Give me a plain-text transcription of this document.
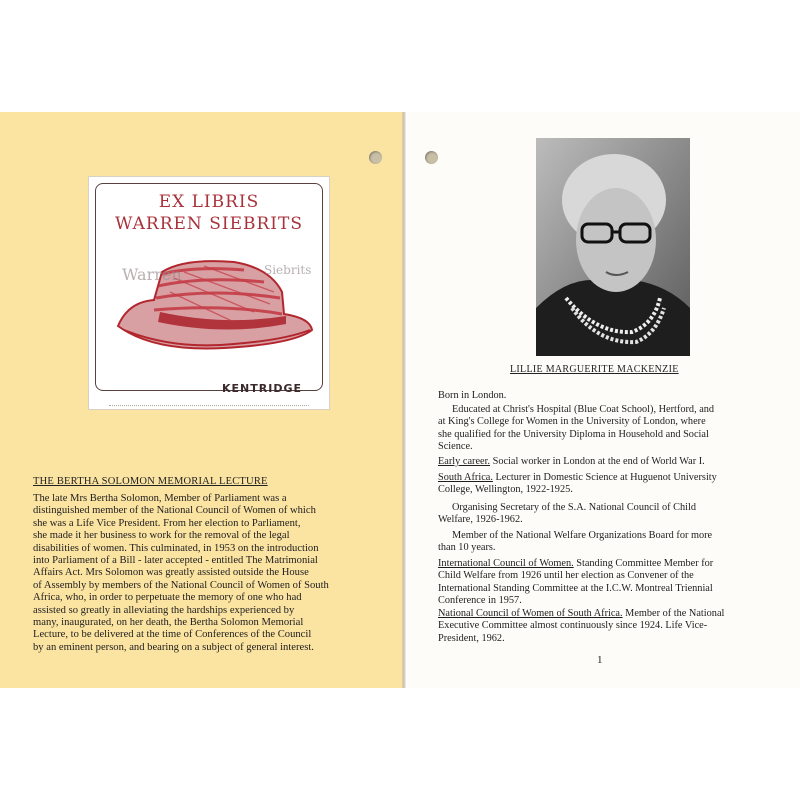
EX LIBRIS
WARREN SIEBRITS
Warren	Siebrits
KENTRIDGE
THE BERTHA SOLOMON MEMORIAL LECTURE
The late Mrs Bertha Solomon, Member of Parliament was a
distinguished member of the National Council of Women of which
she was a Life Vice President. From her election to Parliament,
she made it her business to work for the removal of the legal
disabilities of women. This culminated, in 1953 on the introduction
into Parliament of a Bill - later accepted - entitled The Matrimonial
Affairs Act. Mrs Solomon was greatly assisted outside the House
of Assembly by members of the National Council of Women of South
Africa, who, in order to perpetuate the memory of one who had
assisted so greatly in alleviating the hardships experienced by
many, inaugurated, on her death, the Bertha Solomon Memorial
Lecture, to be delivered at the time of Conferences of the Council
by an eminent person, and bearing on a subject of general interest.
LILLIE MARGUERITE MACKENZIE
Born in London.
Educated at Christ's Hospital (Blue Coat School), Hertford, and
at King's College for Women in the University of London, where
she qualified for the University Diploma in Household and Social
Science.
Early career. Social worker in London at the end of World War I.
South Africa. Lecturer in Domestic Science at Huguenot University
College, Wellington, 1922-1925.
Organising Secretary of the S.A. National Council of Child
Welfare, 1926-1962.
Member of the National Welfare Organizations Board for more
than 10 years.
International Council of Women. Standing Committee Member for
Child Welfare from 1926 until her election as Convener of the
International Standing Committee at the I.C.W. Montreal Triennial
Conference in 1957.
National Council of Women of South Africa. Member of the National
Executive Committee almost continuously since 1924. Life Vice-
President, 1962.
1
